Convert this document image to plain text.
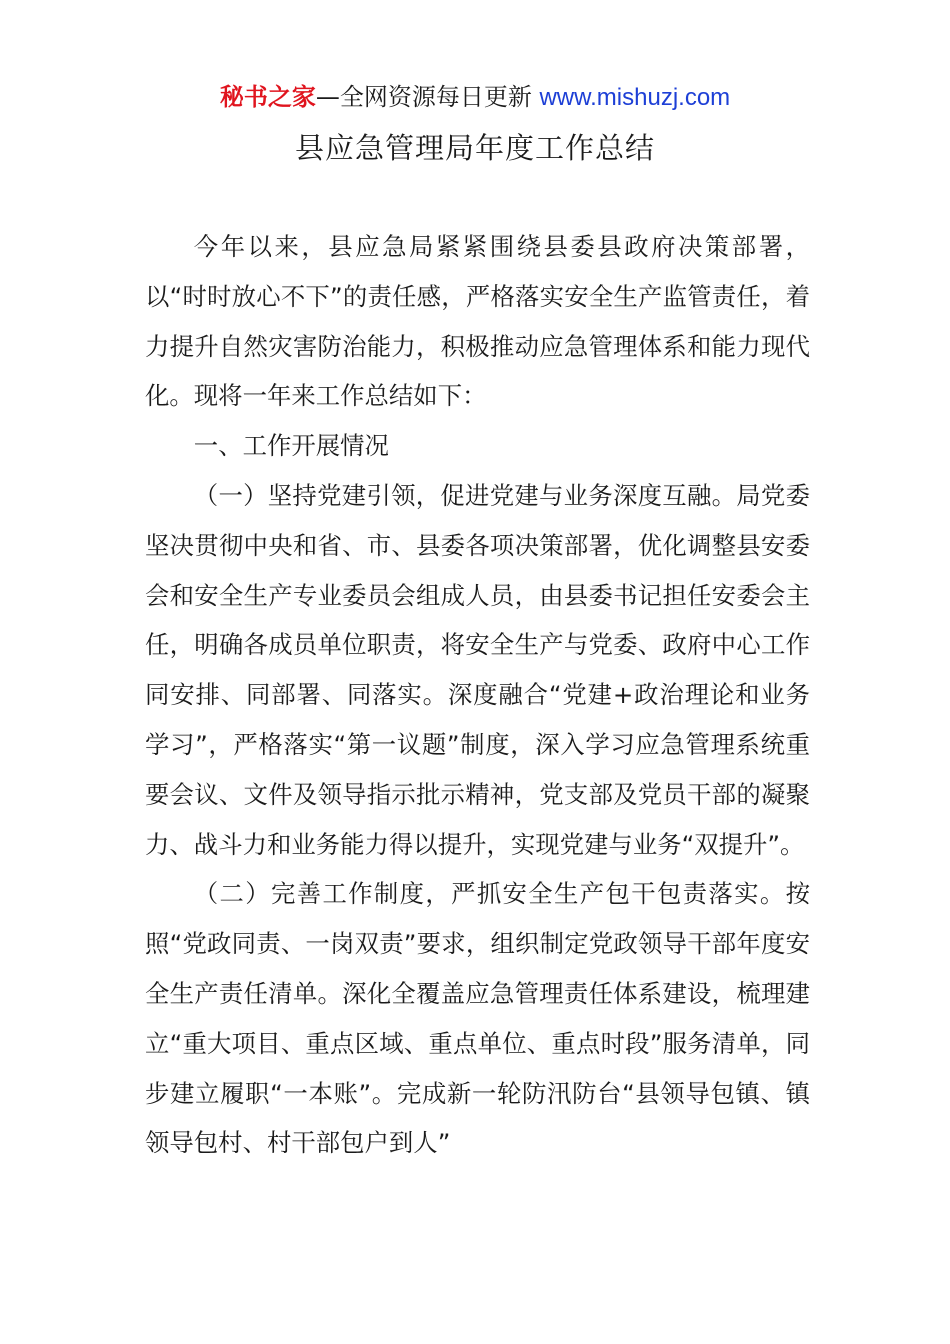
秘书之家—全网资源每日更新 www.mishuzj.com
县应急管理局年度工作总结

今年以来，县应急局紧紧围绕县委县政府决策部署，以“时时放心不下”的责任感，严格落实安全生产监管责任，着力提升自然灾害防治能力，积极推动应急管理体系和能力现代化。现将一年来工作总结如下：

一、工作开展情况

（一）坚持党建引领，促进党建与业务深度互融。局党委坚决贯彻中央和省、市、县委各项决策部署，优化调整县安委会和安全生产专业委员会组成人员，由县委书记担任安委会主任，明确各成员单位职责，将安全生产与党委、政府中心工作同安排、同部署、同落实。深度融合“党建+政治理论和业务学习”，严格落实“第一议题”制度，深入学习应急管理系统重要会议、文件及领导指示批示精神，党支部及党员干部的凝聚力、战斗力和业务能力得以提升，实现党建与业务“双提升”。

（二）完善工作制度，严抓安全生产包干包责落实。按照“党政同责、一岗双责”要求，组织制定党政领导干部年度安全生产责任清单。深化全覆盖应急管理责任体系建设，梳理建立“重大项目、重点区域、重点单位、重点时段”服务清单，同步建立履职“一本账”。完成新一轮防汛防台“县领导包镇、镇领导包村、村干部包户到人”
